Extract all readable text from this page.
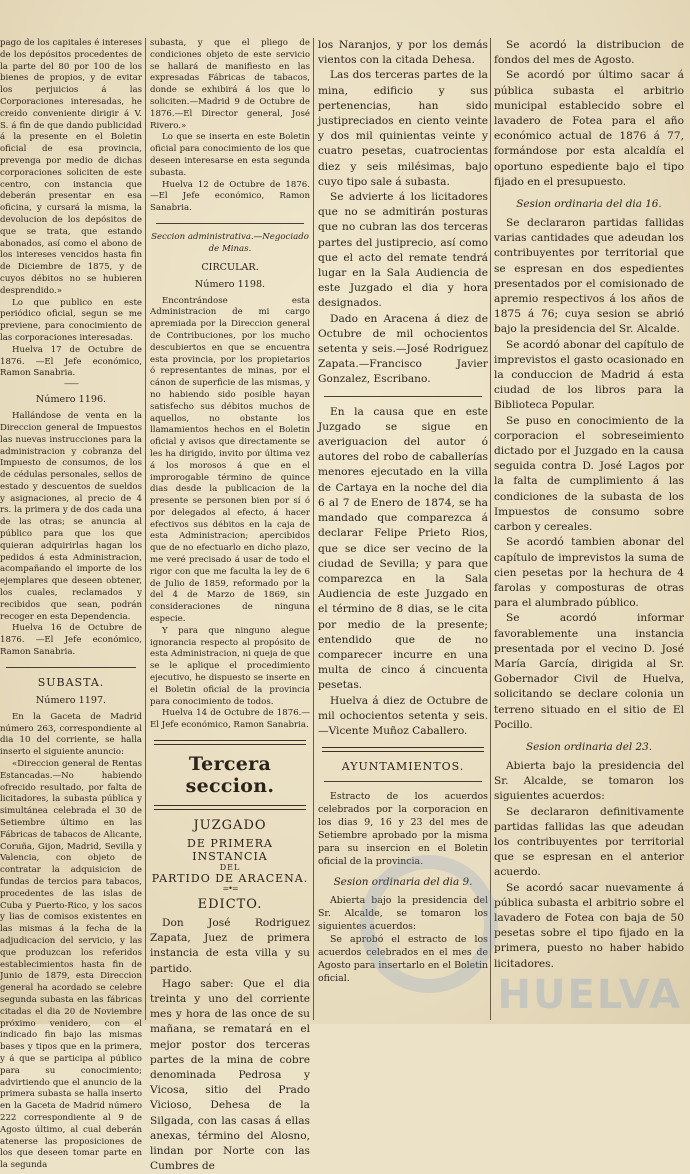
pago de los capitales é intereses de los depósitos procedentes de la parte del 80 por 100 de los bienes de propios, y de evitar los perjuicios á las Corporaciones interesadas, he creido conveniente dirigir á V. S. á fin de que dando publicidad á la presente en el Boletin oficial de esa provincia, prevenga por medio de dichas corporaciones soliciten de este centro, con instancia que deberán presentar en esa oficina, y cursará la misma, la devolucion de los depósitos de que se trata, que estando abonados, así como el abono de los intereses vencidos hasta fin de Diciembre de 1875, y de cuyos débitos no se hubieren desprendido.»

Lo que publico en este periódico oficial, segun se me previene, para conocimiento de las corporaciones interesadas.

Huelva 17 de Octubre de 1876. —El Jefe económico, Ramon Sanabria.

——

Número 1196.

Hallándose de venta en la Direccion general de Impuestos las nuevas instrucciones para la administracion y cobranza del Impuesto de consumos, de los de cédulas personales, sellos de estado y descuentos de sueldos y asignaciones, al precio de 4 rs. la primera y de dos cada una de las otras; se anuncia al público para que los que quieran adquirirlas hagan los pedidos á esta Administracion, acompañando el importe de los ejemplares que deseen obtener, los cuales, reclamados y recibidos que sean, podrán recoger en esta Dependencia.

Huelva 16 de Octubre de 1876. —El Jefe económico, Ramon Sanabria.

SUBASTA.

Número 1197.

En la Gaceta de Madrid número 263, correspondiente al dia 10 del corriente, se halla inserto el siguiente anuncio:

«Direccion general de Rentas Estancadas.—No habiendo ofrecido resultado, por falta de licitadores, la subasta pública y simultánea celebrada el 30 de Setiembre último en las Fábricas de tabacos de Alicante, Coruña, Gijon, Madrid, Sevilla y Valencia, con objeto de contratar la adquisicion de fundas de tercios para tabacos, procedentes de las islas de Cuba y Puerto-Rico, y los sacos y lias de comisos existentes en las mismas á la fecha de la adjudicacion del servicio, y las que produzcan los referidos establecimientos hasta fin de Junio de 1879, esta Direccion general ha acordado se celebre segunda subasta en las fábricas citadas el dia 20 de Noviembre próximo venidero, con el indicado fin bajo las mismas bases y tipos que en la primera, y á que se participa al público para su conocimiento; advirtiendo que el anuncio de la primera subasta se halla inserto en la Gaceta de Madrid número 222 correspondiente al 9 de Agosto último, al cual deberán atenerse las proposiciones de los que deseen tomar parte en la segunda

subasta, y que el pliego de condiciones objeto de este servicio se hallará de manifiesto en las expresadas Fábricas de tabacos, donde se exhibirá á los que lo soliciten.—Madrid 9 de Octubre de 1876.—El Director general, José Rivero.»

Lo que se inserta en este Boletin oficial para conocimiento de los que deseen interesarse en esta segunda subasta.

Huelva 12 de Octubre de 1876. —El Jefe económico, Ramon Sanabria.

Seccion administrativa.—Negociado de Minas.

CIRCULAR.

Número 1198.

Encontrándose esta Administracion de mi cargo apremiada por la Direccion general de Contribuciones, por los mucho descubiertos en que se encuentra esta provincia, por los propietarios ó representantes de minas, por el cánon de superficie de las mismas, y no habiendo sido posible hayan satisfecho sus débitos muchos de aquellos, no obstante los llamamientos hechos en el Boletin oficial y avisos que directamente se les ha dirigido, invito por última vez á los morosos á que en el improrogable término de quince dias desde la publicacion de la presente se personen bien por sí ó por delegados al efecto, á hacer efectivos sus débitos en la caja de esta Administracion; apercibidos que de no efectuarlo en dicho plazo, me veré precisado á usar de todo el rigor con que me faculta la ley de 6 de Julio de 1859, reformado por la del 4 de Marzo de 1869, sin consideraciones de ninguna especie.

Y para que ninguno alegue ignorancia respecto al propósito de esta Administracion, ni queja de que se le aplique el procedimiento ejecutivo, he dispuesto se inserte en el Boletin oficial de la provincia para conocimiento de todos.

Huelva 14 de Octubre de 1876.— El Jefe económico, Ramon Sanabria.

Tercera seccion.

JUZGADO

DE PRIMERA INSTANCIA

DEL

PARTIDO DE ARACENA.

=•=

EDICTO.

Don José Rodriguez Zapata, Juez de primera instancia de esta villa y su partido.

Hago saber: Que el dia treinta y uno del corriente mes y hora de las once de su mañana, se rematará en el mejor postor dos terceras partes de la mina de cobre denominada Pedrosa y Vicosa, sitio del Prado Vicioso, Dehesa de la Silgada, con las casas á ellas anexas, término del Alosno, lindan por Norte con las Cumbres de

los Naranjos, y por los demás vientos con la citada Dehesa.

Las dos terceras partes de la mina, edificio y sus pertenencias, han sido justipreciados en ciento veinte y dos mil quinientas veinte y cuatro pesetas, cuatrocientas diez y seis milésimas, bajo cuyo tipo sale á subasta.

Se advierte á los licitadores que no se admitirán posturas que no cubran las dos terceras partes del justiprecio, así como que el acto del remate tendrá lugar en la Sala Audiencia de este Juzgado el dia y hora designados.

Dado en Aracena á diez de Octubre de mil ochocientos setenta y seis.—José Rodriguez Zapata.—Francisco Javier Gonzalez, Escribano.

En la causa que en este Juzgado se sigue en averiguacion del autor ó autores del robo de caballerías menores ejecutado en la villa de Cartaya en la noche del dia 6 al 7 de Enero de 1874, se ha mandado que comparezca á declarar Felipe Prieto Rios, que se dice ser vecino de la ciudad de Sevilla; y para que comparezca en la Sala Audiencia de este Juzgado en el término de 8 dias, se le cita por medio de la presente; entendido que de no comparecer incurre en una multa de cinco á cincuenta pesetas.

Huelva á diez de Octubre de mil ochocientos setenta y seis.—Vicente Muñoz Caballero.

AYUNTAMIENTOS.

Estracto de los acuerdos celebrados por la corporacion en los dias 9, 16 y 23 del mes de Setiembre aprobado por la misma para su insercion en el Boletin oficial de la provincia.

Sesion ordinaria del dia 9.

Abierta bajo la presidencia del Sr. Alcalde, se tomaron los siguientes acuerdos:

Se aprobó el estracto de los acuerdos celebrados en el mes de Agosto para insertarlo en el Boletin oficial.

Se acordó la distribucion de fondos del mes de Agosto.

Se acordó por último sacar á pública subasta el arbitrio municipal establecido sobre el lavadero de Fotea para el año económico actual de 1876 á 77, formándose por esta alcaldía el oportuno espediente bajo el tipo fijado en el presupuesto.

Sesion ordinaria del dia 16.

Se declararon partidas fallidas varias cantidades que adeudan los contribuyentes por territorial que se espresan en dos espedientes presentados por el comisionado de apremio respectivos á los años de 1875 á 76; cuya sesion se abrió bajo la presidencia del Sr. Alcalde.

Se acordó abonar del capítulo de imprevistos el gasto ocasionado en la conduccion de Madrid á esta ciudad de los libros para la Biblioteca Popular.

Se puso en conocimiento de la corporacion el sobreseimiento dictado por el Juzgado en la causa seguida contra D. José Lagos por la falta de cumplimiento á las condiciones de la subasta de los Impuestos de consumo sobre carbon y cereales.

Se acordó tambien abonar del capítulo de imprevistos la suma de cien pesetas por la hechura de 4 farolas y composturas de otras para el alumbrado público.

Se acordó informar favorablemente una instancia presentada por el vecino D. José María García, dirigida al Sr. Gobernador Civil de Huelva, solicitando se declare colonia un terreno situado en el sitio de El Pocillo.

Sesion ordinaria del 23.

Abierta bajo la presidencia del Sr. Alcalde, se tomaron los siguientes acuerdos:

Se declararon definitivamente partidas fallidas las que adeudan los contribuyentes por territorial que se espresan en el anterior acuerdo.

Se acordó sacar nuevamente á pública subasta el arbitrio sobre el lavadero de Fotea con baja de 50 pesetas sobre el tipo fijado en la primera, puesto no haber habido licitadores.

HUELVA
